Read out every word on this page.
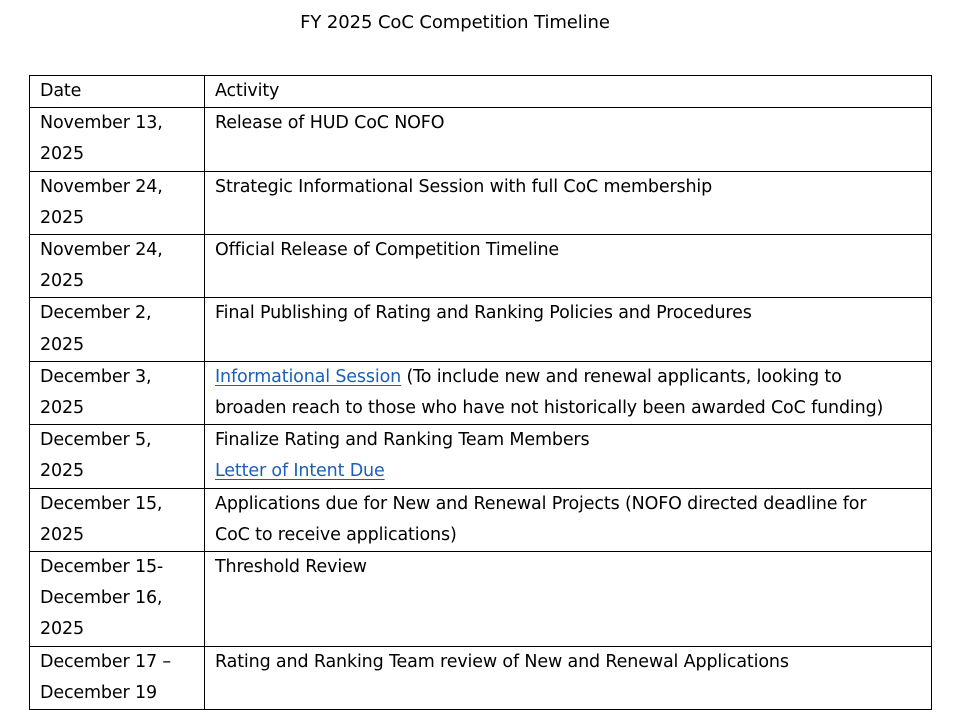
FY 2025 CoC Competition Timeline
Date	Activity

November 13,
2025	Release of HUD CoC NOFO

November 24,
2025	Strategic Informational Session with full CoC membership

November 24,
2025	Official Release of Competition Timeline

December 2,
2025	Final Publishing of Rating and Ranking Policies and Procedures

December 3,
2025	Informational Session (To include new and renewal applicants, looking to
broaden reach to those who have not historically been awarded CoC funding)

December 5,
2025	Finalize Rating and Ranking Team Members
Letter of Intent Due

December 15,
2025	Applications due for New and Renewal Projects (NOFO directed deadline for
CoC to receive applications)

December 15-
December 16,
2025	Threshold Review

December 17 –
December 19	Rating and Ranking Team review of New and Renewal Applications
